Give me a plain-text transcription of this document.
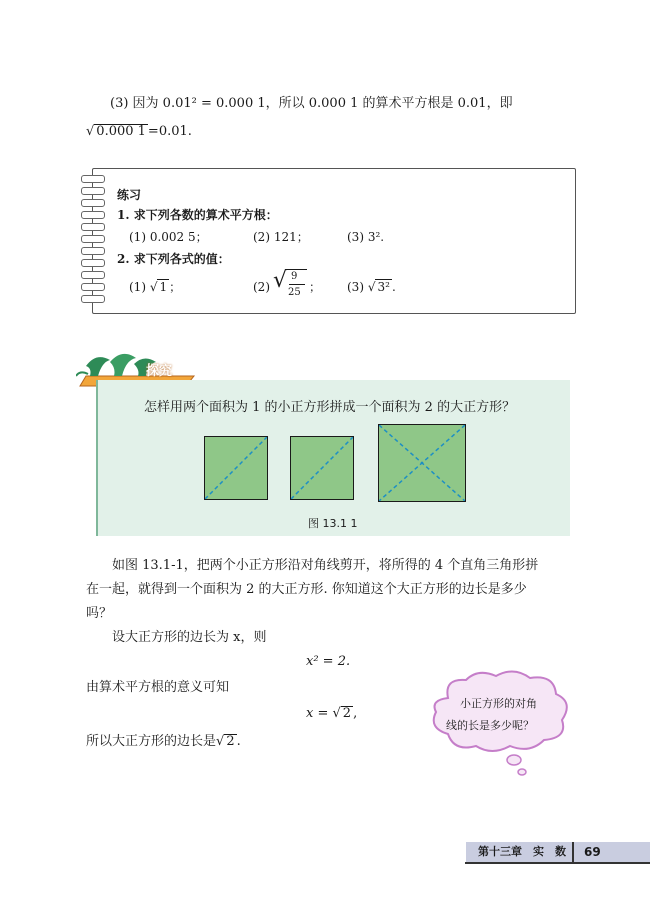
(3) 因为 0.01² = 0.000 1，所以 0.000 1 的算术平方根是 0.01，即
√ 0.000 1 =0.01.
练习
1. 求下列各数的算术平方根：
(1) 0.002 5；	(2) 121；	(3) 3².
2. 求下列各式的值：
(1) √ 1 ；	(2) √ 9
25 ； (3) √ 3² .
探究
怎样用两个面积为 1 的小正方形拼成一个面积为 2 的大正方形？
图 13.1 1
如图 13.1-1，把两个小正方形沿对角线剪开，将所得的 4 个直角三角形拼
在一起，就得到一个面积为 2 的大正方形. 你知道这个大正方形的边长是多少
吗？
设大正方形的边长为 x，则
x² = 2.
由算术平方根的意义可知
x = √ 2 ,
所以大正方形的边长是√ 2 .
小正方形的对角
线的长是多少呢？
第十三章　实　数 69
